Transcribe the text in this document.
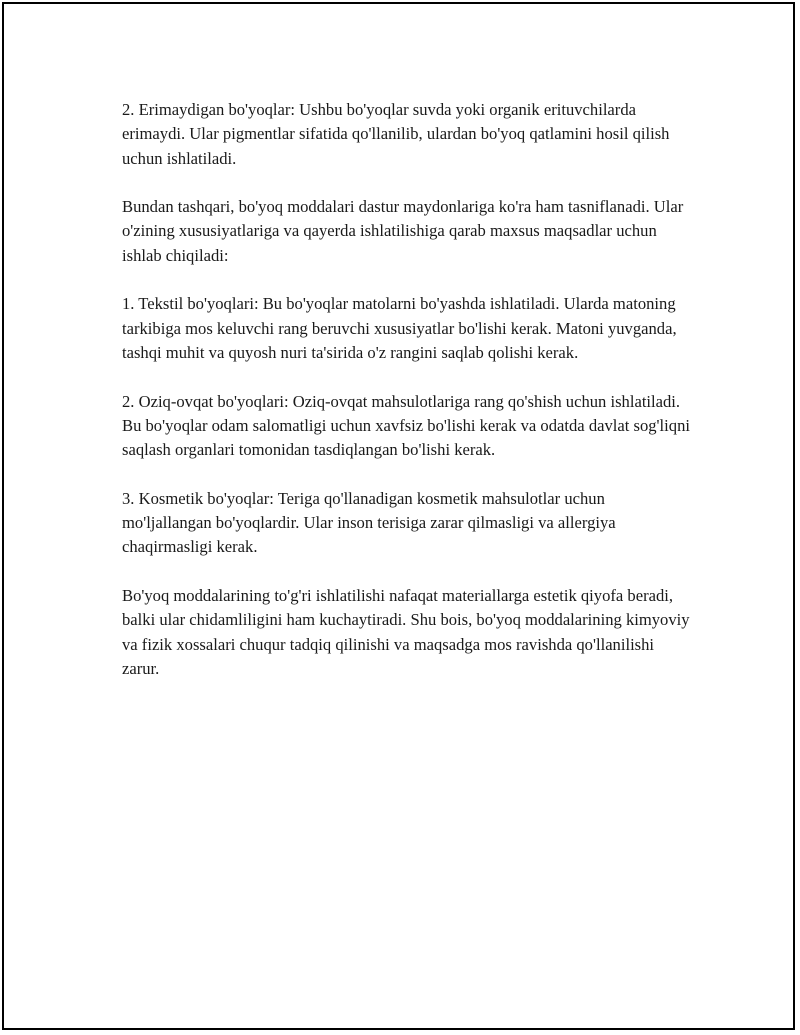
2. Erimaydigan bo'yoqlar: Ushbu bo'yoqlar suvda yoki organik erituvchilarda erimaydi. Ular pigmentlar sifatida qo'llanilib, ulardan bo'yoq qatlamini hosil qilish uchun ishlatiladi.

Bundan tashqari, bo'yoq moddalari dastur maydonlariga ko'ra ham tasniflanadi. Ular o'zining xususiyatlariga va qayerda ishlatilishiga qarab maxsus maqsadlar uchun ishlab chiqiladi:

1. Tekstil bo'yoqlari: Bu bo'yoqlar matolarni bo'yashda ishlatiladi. Ularda matoning tarkibiga mos keluvchi rang beruvchi xususiyatlar bo'lishi kerak. Matoni yuvganda, tashqi muhit va quyosh nuri ta'sirida o'z rangini saqlab qolishi kerak.

2. Oziq-ovqat bo'yoqlari: Oziq-ovqat mahsulotlariga rang qo'shish uchun ishlatiladi. Bu bo'yoqlar odam salomatligi uchun xavfsiz bo'lishi kerak va odatda davlat sog'liqni saqlash organlari tomonidan tasdiqlangan bo'lishi kerak.

3. Kosmetik bo'yoqlar: Teriga qo'llanadigan kosmetik mahsulotlar uchun mo'ljallangan bo'yoqlardir. Ular inson terisiga zarar qilmasligi va allergiya chaqirmasligi kerak.

Bo'yoq moddalarining to'g'ri ishlatilishi nafaqat materiallarga estetik qiyofa beradi, balki ular chidamliligini ham kuchaytiradi. Shu bois, bo'yoq moddalarining kimyoviy va fizik xossalari chuqur tadqiq qilinishi va maqsadga mos ravishda qo'llanilishi zarur.
